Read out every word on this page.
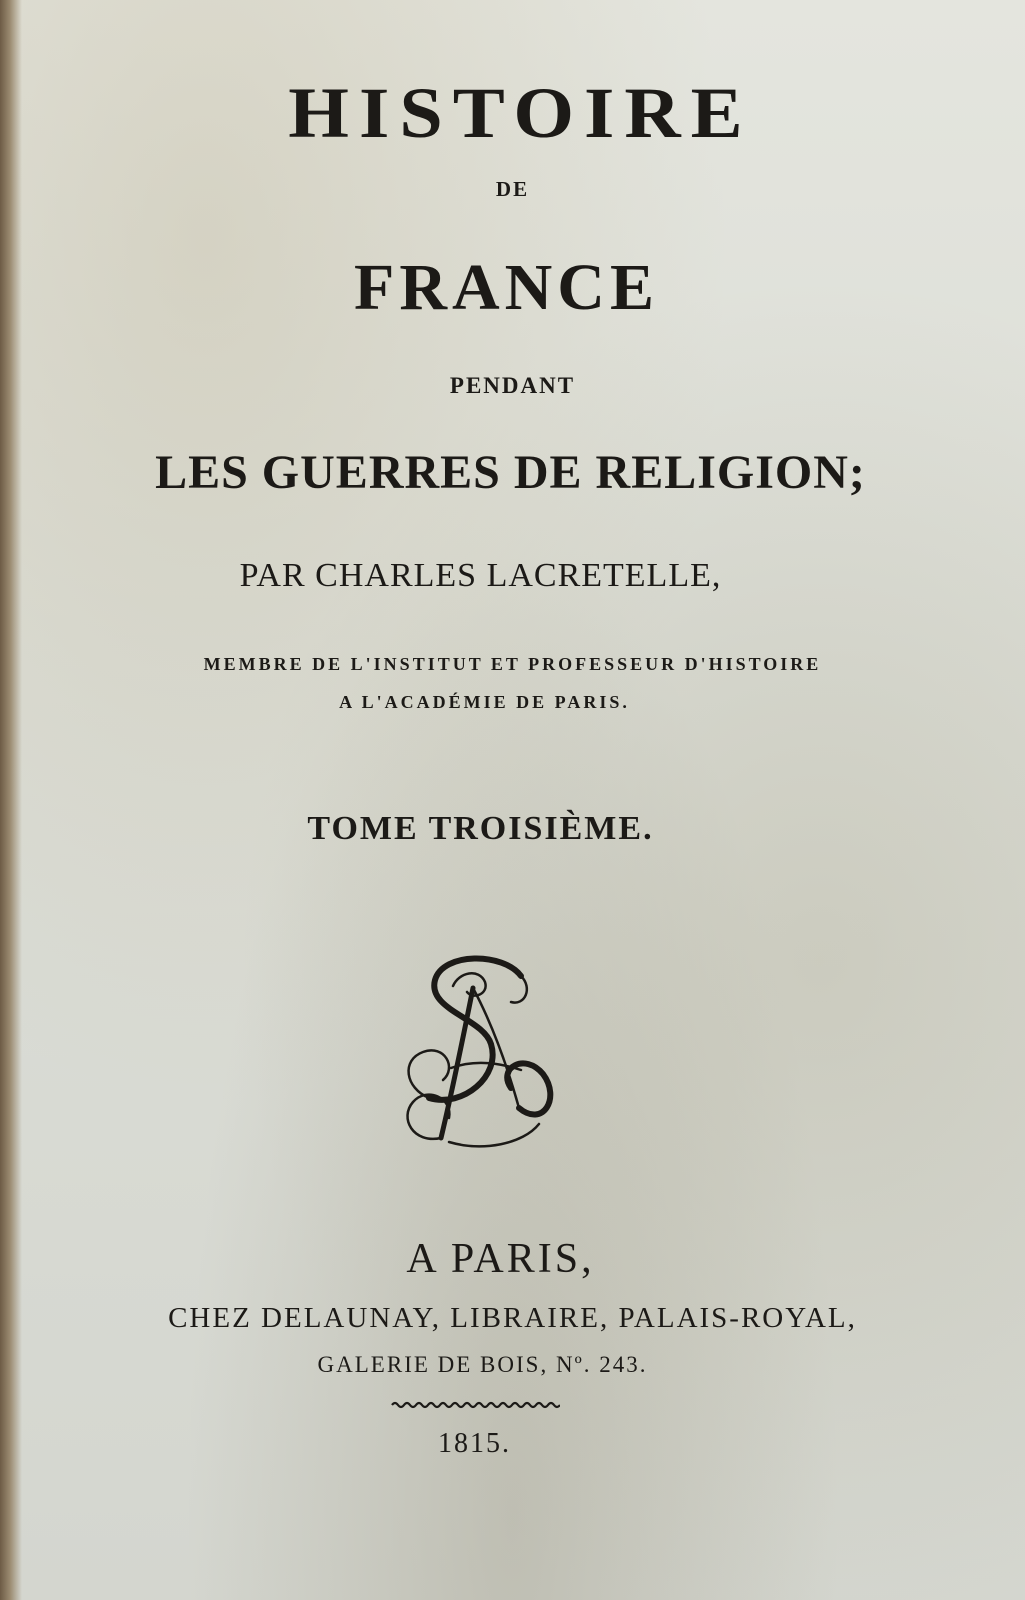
HISTOIRE
DE
FRANCE
PENDANT
LES GUERRES DE RELIGION;
PAR CHARLES LACRETELLE,
MEMBRE DE L'INSTITUT ET PROFESSEUR D'HISTOIRE
A L'ACADÉMIE DE PARIS.
TOME TROISIÈME.
A PARIS,
CHEZ DELAUNAY, LIBRAIRE, PALAIS-ROYAL,
GALERIE DE BOIS, Nº. 243.
1815.
